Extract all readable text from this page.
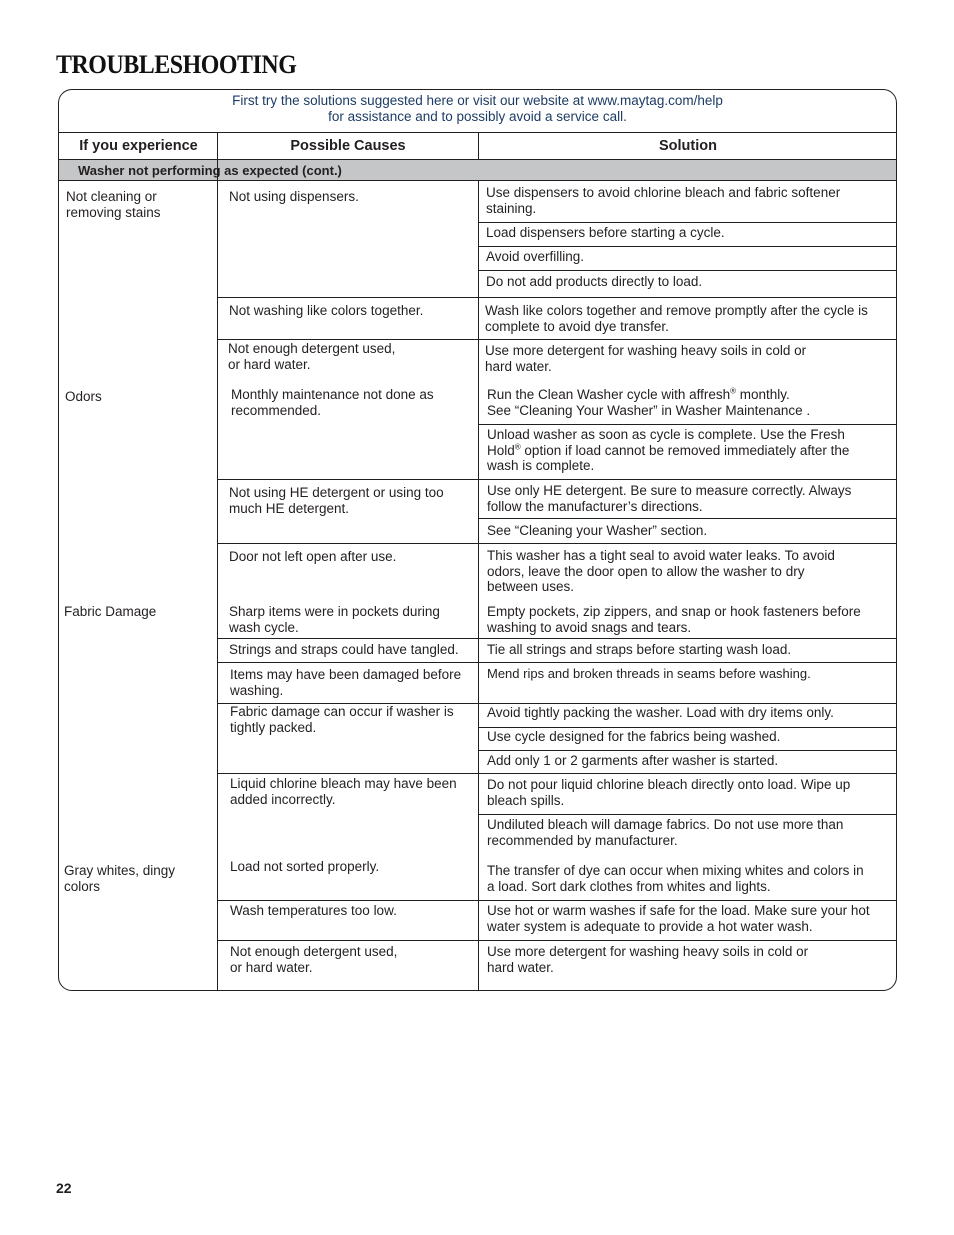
TROUBLESHOOTING
First try the solutions suggested here or visit our website at www.maytag.com/help
for assistance and to possibly avoid a service call.
If you experience	Possible Causes	Solution
Washer not performing as expected (cont.)
Not cleaning or
removing stains
Odors
Fabric Damage
Gray whites, dingy
colors
Not using dispensers.
Not washing like colors together.
Not enough detergent used,
or hard water.
Monthly maintenance not done as
recommended.
Not using HE detergent or using too
much HE detergent.
Door not left open after use.
Sharp items were in pockets during
wash cycle.
Strings and straps could have tangled.
Items may have been damaged before
washing.
Fabric damage can occur if washer is
tightly packed.
Liquid chlorine bleach may have been
added incorrectly.
Load not sorted properly.
Wash temperatures too low.
Not enough detergent used,
or hard water.
Use dispensers to avoid chlorine bleach and fabric softener
staining.
Load dispensers before starting a cycle.
Avoid overfilling.
Do not add products directly to load.
Wash like colors together and remove promptly after the cycle is
complete to avoid dye transfer.
Use more detergent for washing heavy soils in cold or
hard water.
Run the Clean Washer cycle with affresh® monthly.
See “Cleaning Your Washer” in Washer Maintenance .
Unload washer as soon as cycle is complete. Use the Fresh
Hold® option if load cannot be removed immediately after the
wash is complete.
Use only HE detergent. Be sure to measure correctly. Always
follow the manufacturer’s directions.
See “Cleaning your Washer” section.
This washer has a tight seal to avoid water leaks. To avoid
odors, leave the door open to allow the washer to dry
between uses.
Empty pockets, zip zippers, and snap or hook fasteners before
washing to avoid snags and tears.
Tie all strings and straps before starting wash load.
Mend rips and broken threads in seams before washing.
Avoid tightly packing the washer. Load with dry items only.
Use cycle designed for the fabrics being washed.
Add only 1 or 2 garments after washer is started.
Do not pour liquid chlorine bleach directly onto load. Wipe up
bleach spills.
Undiluted bleach will damage fabrics. Do not use more than
recommended by manufacturer.
The transfer of dye can occur when mixing whites and colors in
a load. Sort dark clothes from whites and lights.
Use hot or warm washes if safe for the load. Make sure your hot
water system is adequate to provide a hot water wash.
Use more detergent for washing heavy soils in cold or
hard water.
22
